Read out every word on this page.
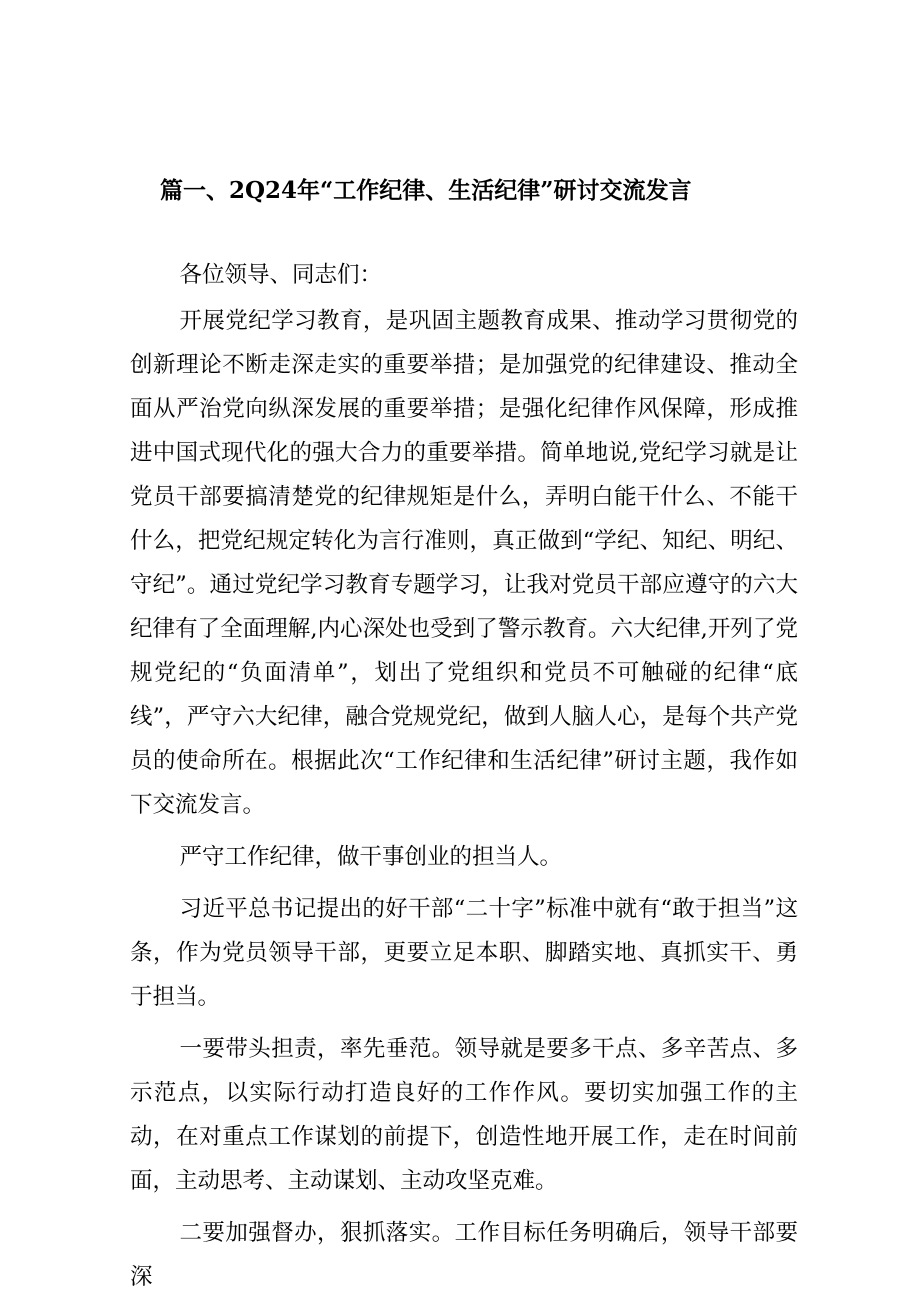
篇一、2Q24年“工作纪律、生活纪律”研讨交流发言

各位领导、同志们：

开展党纪学习教育，是巩固主题教育成果、推动学习贯彻党的创新理论不断走深走实的重要举措；是加强党的纪律建设、推动全面从严治党向纵深发展的重要举措；是强化纪律作风保障，形成推进中国式现代化的强大合力的重要举措。简单地说,党纪学习就是让党员干部要搞清楚党的纪律规矩是什么，弄明白能干什么、不能干什么，把党纪规定转化为言行准则，真正做到“学纪、知纪、明纪、守纪”。通过党纪学习教育专题学习，让我对党员干部应遵守的六大纪律有了全面理解,内心深处也受到了警示教育。六大纪律,开列了党规党纪的“负面清单”，划出了党组织和党员不可触碰的纪律“底线”，严守六大纪律，融合党规党纪，做到人脑人心，是每个共产党员的使命所在。根据此次“工作纪律和生活纪律”研讨主题，我作如下交流发言。

严守工作纪律，做干事创业的担当人。

习近平总书记提出的好干部“二十字”标准中就有“敢于担当”这条，作为党员领导干部，更要立足本职、脚踏实地、真抓实干、勇于担当。

一要带头担责，率先垂范。领导就是要多干点、多辛苦点、多示范点，以实际行动打造良好的工作作风。要切实加强工作的主动，在对重点工作谋划的前提下，创造性地开展工作，走在时间前面，主动思考、主动谋划、主动攻坚克难。

二要加强督办，狠抓落实。工作目标任务明确后，领导干部要深
